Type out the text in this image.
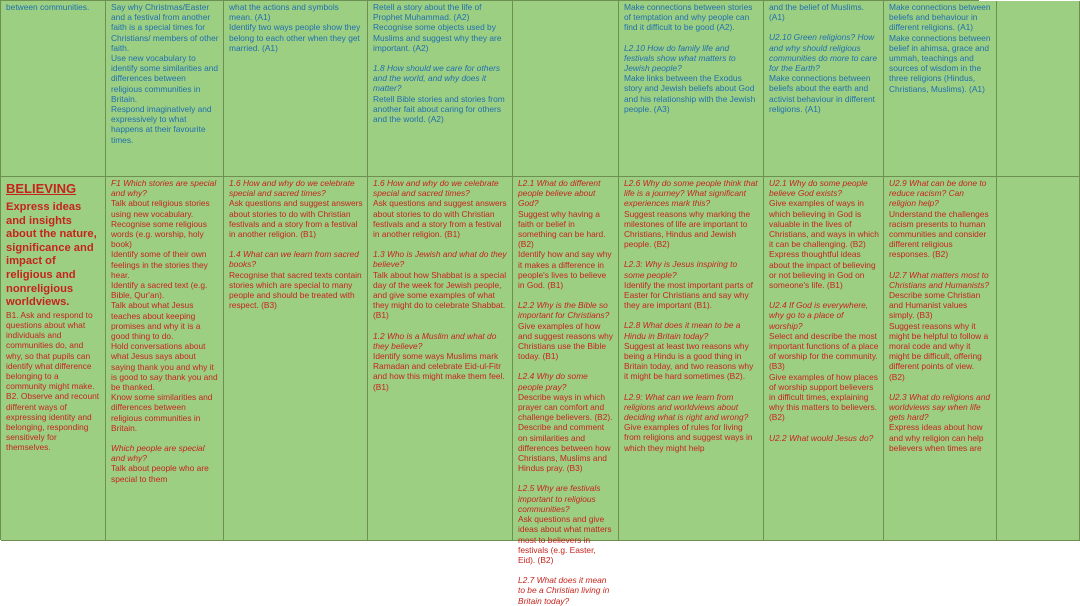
between communities.	Say why Christmas/Easter and a festival from another faith is a special times for Christians/ members of other faith.

Use new vocabulary to identify some similarities and differences between religious communities in Britain.

Respond imaginatively and expressively to what happens at their favourite times.

what the actions and symbols mean. (A1)

Identify two ways people show they belong to each other when they get married. (A1)

Retell a story about the life of Prophet Muhammad. (A2)

Recognise some objects used by Muslims and suggest why they are important. (A2)

1.8 How should we care for others and the world, and why does it matter?

Retell Bible stories and stories from another fait about caring for others and the world. (A2)

Make connections between stories of temptation and why people can find it difficult to be good (A2).

L2.10 How do family life and festivals show what matters to Jewish people?

Make links between the Exodus story and Jewish beliefs about God and his relationship with the Jewish people. (A3)

and the belief of Muslims. (A1)

U2.10 Green religions? How and why should religious communities do more to care for the Earth?

Make connections between beliefs about the earth and activist behaviour in different religions. (A1)

Make connections between beliefs and behaviour in different religions. (A1)

Make connections between belief in ahimsa, grace and ummah, teachings and sources of wisdom in the three religions (Hindus, Christians, Muslims). (A1)

BELIEVING
Express ideas and insights about the nature, significance and impact of religious and nonreligious worldviews.

B1. Ask and respond to questions about what individuals and communities do, and why, so that pupils can identify what difference belonging to a community might make.

B2. Observe and recount different ways of expressing identity and belonging, responding sensitively for themselves.

F1 Which stories are special and why?

Talk about religious stories using new vocabulary.

Recognise some religious words (e.g. worship, holy book)

Identify some of their own feelings in the stories they hear.

Identify a sacred text (e.g. Bible, Qur'an).

Talk about what Jesus teaches about keeping promises and why it is a good thing to do.

Hold conversations about what Jesus says about saying thank you and why it is good to say thank you and be thanked.

Know some similarities and differences between religious communities in Britain.

Which people are special and why?

Talk about people who are special to them

1.6 How and why do we celebrate special and sacred times?

Ask questions and suggest answers about stories to do with Christian festivals and a story from a festival in another religion. (B1)

1.4 What can we learn from sacred books?

Recognise that sacred texts contain stories which are special to many people and should be treated with respect. (B3)

1.6 How and why do we celebrate special and sacred times?

Ask questions and suggest answers about stories to do with Christian festivals and a story from a festival in another religion. (B1)

1.3 Who is Jewish and what do they believe?

Talk about how Shabbat is a special day of the week for Jewish people, and give some examples of what they might do to celebrate Shabbat. (B1)

1.2 Who is a Muslim and what do they believe?

Identify some ways Muslims mark Ramadan and celebrate Eid-ul-Fitr and how this might make them feel. (B1)

L2.1 What do different people believe about God?

Suggest why having a faith or belief in something can be hard. (B2)

Identify how and say why it makes a difference in people's lives to believe in God. (B1)

L2.2 Why is the Bible so important for Christians?

Give examples of how and suggest reasons why Christians use the Bible today. (B1)

L2.4 Why do some people pray?

Describe ways in which prayer can comfort and challenge believers. (B2).

Describe and comment on similarities and differences between how Christians, Muslims and Hindus pray. (B3)

L2.5 Why are festivals important to religious communities?

Ask questions and give ideas about what matters most to believers in festivals (e.g. Easter, Eid). (B2)

L2.7 What does it mean to be a Christian living in Britain today?

L2.6 Why do some people think that life is a journey? What significant experiences mark this?

Suggest reasons why marking the milestones of life are important to Christians, Hindus and Jewish people. (B2)

L2.3: Why is Jesus inspiring to some people?

Identify the most important parts of Easter for Christians and say why they are important (B1).

L2.8 What does it mean to be a Hindu in Britain today?

Suggest at least two reasons why being a Hindu is a good thing in Britain today, and two reasons why it might be hard sometimes (B2).

L2.9: What can we learn from religions and worldviews about deciding what is right and wrong?

Give examples of rules for living from religions and suggest ways in which they might help

U2.1 Why do some people believe God exists?

Give examples of ways in which believing in God is valuable in the lives of Christians, and ways in which it can be challenging. (B2)

Express thoughtful ideas about the impact of believing or not believing in God on someone's life. (B1)

U2.4 If God is everywhere, why go to a place of worship?

Select and describe the most important functions of a place of worship for the community. (B3)

Give examples of how places of worship support believers in difficult times, explaining why this matters to believers. (B2)

U2.2 What would Jesus do?

U2.9 What can be done to reduce racism? Can religion help?

Understand the challenges racism presents to human communities and consider different religious responses. (B2)

U2.7 What matters most to Christians and Humanists?

Describe some Christian and Humanist values simply. (B3)

Suggest reasons why it might be helpful to follow a moral code and why it might be difficult, offering different points of view. (B2)

U2.3 What do religions and worldviews say when life gets hard?

Express ideas about how and why religion can help believers when times are
